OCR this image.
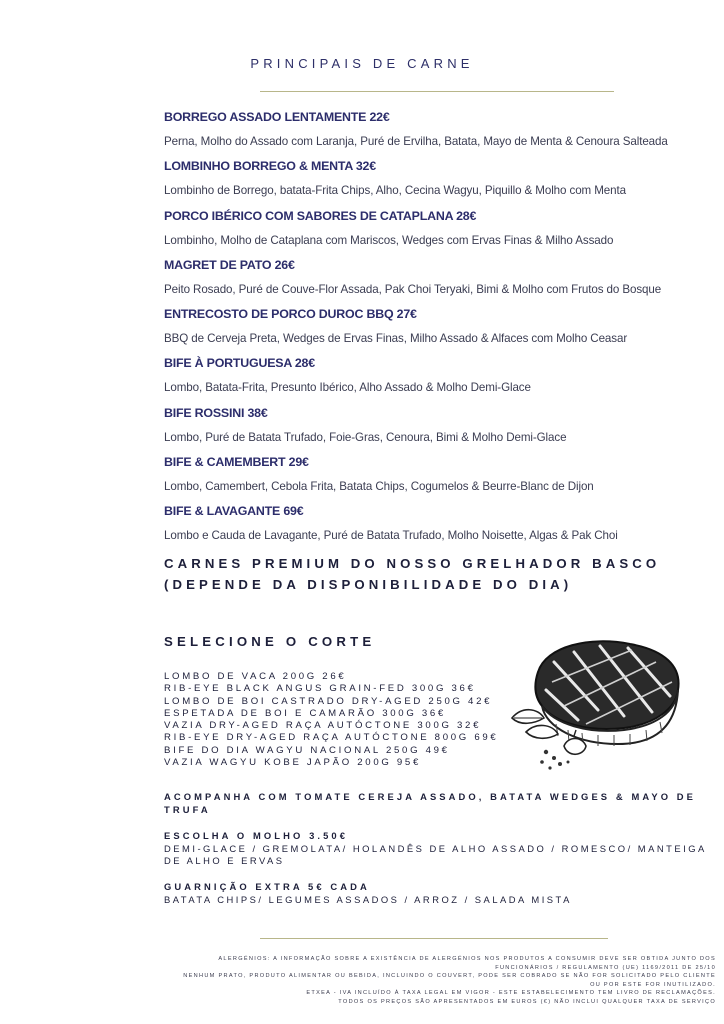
PRINCIPAIS DE CARNE
BORREGO ASSADO LENTAMENTE 22€
Perna, Molho do Assado com Laranja, Puré de Ervilha, Batata, Mayo de Menta & Cenoura Salteada
LOMBINHO BORREGO & MENTA 32€
Lombinho de Borrego, batata-Frita Chips, Alho, Cecina Wagyu, Piquillo & Molho com Menta
PORCO IBÉRICO COM SABORES DE CATAPLANA 28€
Lombinho, Molho de Cataplana com Mariscos, Wedges com Ervas Finas & Milho Assado
MAGRET DE PATO 26€
Peito Rosado, Puré de Couve-Flor Assada, Pak Choi Teryaki, Bimi & Molho com Frutos do Bosque
ENTRECOSTO DE PORCO DUROC BBQ 27€
BBQ de Cerveja Preta, Wedges de Ervas Finas, Milho Assado & Alfaces com Molho Ceasar
BIFE À PORTUGUESA 28€
Lombo, Batata-Frita, Presunto Ibérico, Alho Assado & Molho Demi-Glace
BIFE ROSSINI 38€
Lombo, Puré de Batata Trufado, Foie-Gras, Cenoura, Bimi & Molho Demi-Glace
BIFE & CAMEMBERT 29€
Lombo, Camembert, Cebola Frita, Batata Chips, Cogumelos & Beurre-Blanc de Dijon
BIFE & LAVAGANTE 69€
Lombo e Cauda de Lavagante, Puré de Batata Trufado, Molho Noisette, Algas & Pak Choi
CARNES PREMIUM DO NOSSO GRELHADOR BASCO
(DEPENDE DA DISPONIBILIDADE DO DIA)
SELECIONE O CORTE
LOMBO DE VACA 200G 26€
RIB-EYE BLACK ANGUS GRAIN-FED 300G 36€
LOMBO DE BOI CASTRADO DRY-AGED 250G 42€
ESPETADA DE BOI E CAMARÃO 300G 36€
VAZIA DRY-AGED RAÇA AUTÓCTONE 300G 32€
RIB-EYE DRY-AGED RAÇA AUTÓCTONE 800G 69€
BIFE DO DIA WAGYU NACIONAL 250G 49€
VAZIA WAGYU KOBE JAPÃO 200G 95€
ACOMPANHA COM TOMATE CEREJA ASSADO, BATATA WEDGES & MAYO DE TRUFA
ESCOLHA O MOLHO 3.50€
DEMI-GLACE / GREMOLATA/ HOLANDÊS DE ALHO ASSADO / ROMESCO/ MANTEIGA DE ALHO E ERVAS
GUARNIÇÃO EXTRA 5€ CADA
BATATA CHIPS/ LEGUMES ASSADOS / ARROZ / SALADA MISTA
ALERGÉNIOS: A INFORMAÇÃO SOBRE A EXISTÊNCIA DE ALERGÉNIOS NOS PRODUTOS A CONSUMIR DEVE SER OBTIDA JUNTO DOS
FUNCIONÁRIOS / REGULAMENTO (UE) 1169/2011 DE 25/10
NENHUM PRATO, PRODUTO ALIMENTAR OU BEBIDA, INCLUINDO O COUVERT, PODE SER COBRADO SE NÃO FOR SOLICITADO PELO CLIENTE
OU POR ESTE FOR INUTILIZADO.
ETXEA - IVA INCLUÍDO À TAXA LEGAL EM VIGOR - ESTE ESTABELECIMENTO TEM LIVRO DE RECLAMAÇÕES.
TODOS OS PREÇOS SÃO APRESENTADOS EM EUROS (€) NÃO INCLUI QUALQUER TAXA DE SERVIÇO
